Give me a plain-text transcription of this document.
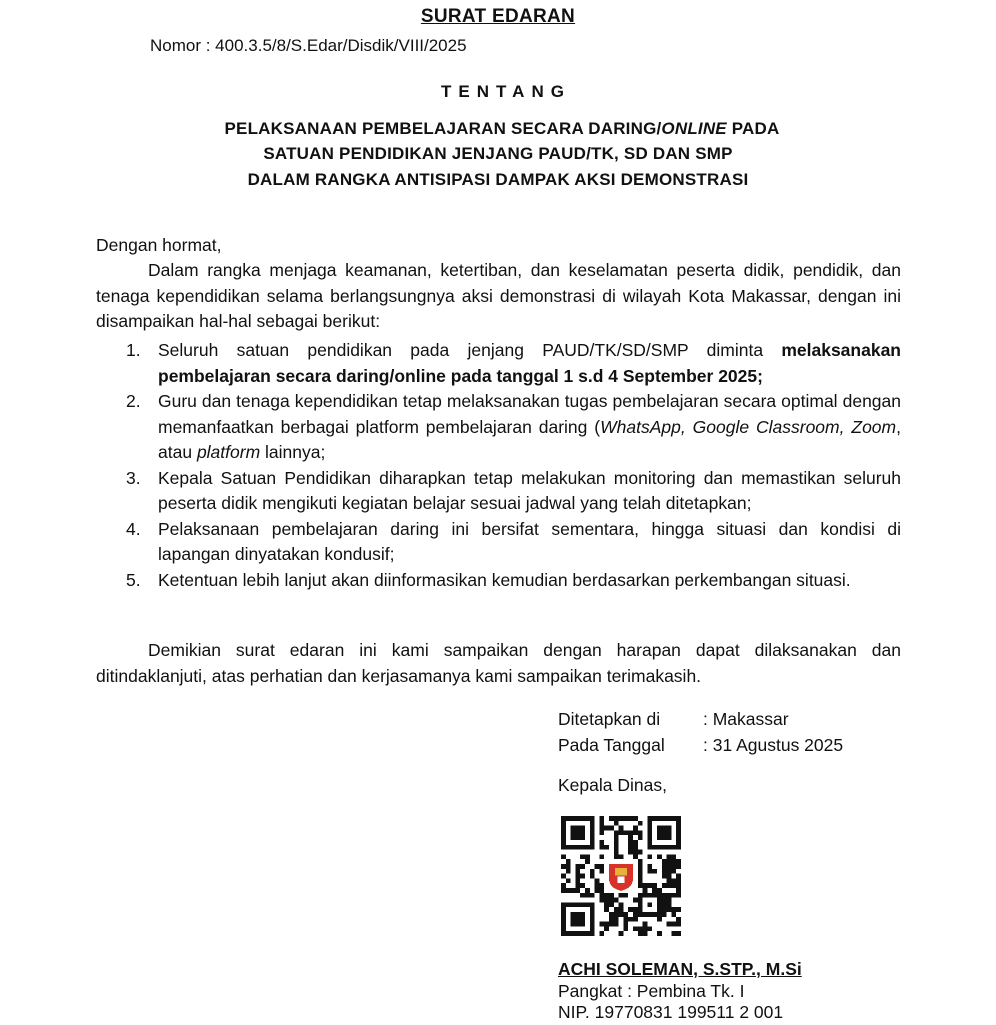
SURAT EDARAN
Nomor : 400.3.5/8/S.Edar/Disdik/VIII/2025
TENTANG
PELAKSANAAN PEMBELAJARAN SECARA DARING/ONLINE PADA
SATUAN PENDIDIKAN JENJANG PAUD/TK, SD DAN SMP
DALAM RANGKA ANTISIPASI DAMPAK AKSI DEMONSTRASI
Dengan hormat,
Dalam rangka menjaga keamanan, ketertiban, dan keselamatan peserta didik, pendidik, dan tenaga kependidikan selama berlangsungnya aksi demonstrasi di wilayah Kota Makassar, dengan ini disampaikan hal-hal sebagai berikut:
1. Seluruh satuan pendidikan pada jenjang PAUD/TK/SD/SMP diminta melaksanakan pembelajaran secara daring/online pada tanggal 1 s.d 4 September 2025;
2. Guru dan tenaga kependidikan tetap melaksanakan tugas pembelajaran secara optimal dengan memanfaatkan berbagai platform pembelajaran daring (WhatsApp, Google Classroom, Zoom, atau platform lainnya;
3. Kepala Satuan Pendidikan diharapkan tetap melakukan monitoring dan memastikan seluruh peserta didik mengikuti kegiatan belajar sesuai jadwal yang telah ditetapkan;
4. Pelaksanaan pembelajaran daring ini bersifat sementara, hingga situasi dan kondisi di lapangan dinyatakan kondusif;
5. Ketentuan lebih lanjut akan diinformasikan kemudian berdasarkan perkembangan situasi.
Demikian surat edaran ini kami sampaikan dengan harapan dapat dilaksanakan dan ditindaklanjuti, atas perhatian dan kerjasamanya kami sampaikan terimakasih.
Ditetapkan di : Makassar
Pada Tanggal : 31 Agustus 2025
Kepala Dinas,
ACHI SOLEMAN, S.STP., M.Si
Pangkat : Pembina Tk. I
NIP. 19770831 199511 2 001
